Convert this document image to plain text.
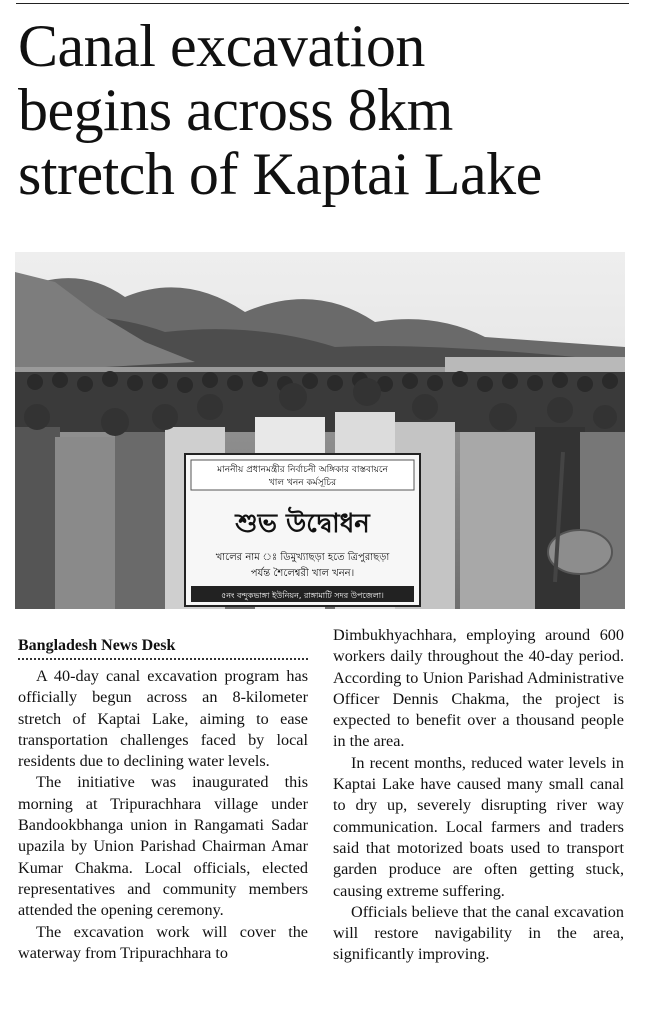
Canal excavation
begins across 8km
stretch of Kaptai Lake
মাননীয় প্রধানমন্ত্রীর নির্বাচনী অঙ্গিকার বাস্তবায়নে
খাল খনন কর্মসূচির
শুভ উদ্বোধন
খালের নাম ঃ ডিমুখ্যাছড়া হতে ত্রিপুরাছড়া
পর্যন্ত শৈলেশ্বরী খাল খনন।
৫নং বন্দুকভাঙ্গা ইউনিয়ন, রাঙ্গামাটি সদর উপজেলা।
Bangladesh News Desk

A 40-day canal excavation program has officially begun across an 8-kilometer stretch of Kaptai Lake, aiming to ease transportation challenges faced by local residents due to declining water levels.

The initiative was inaugurated this morning at Tripurachhara village under Bandookbhanga union in Rangamati Sadar upazila by Union Parishad Chairman Amar Kumar Chakma. Local officials, elected representatives and community members attended the opening ceremony.

The excavation work will cover the waterway from Tripurachhara to

Dimbukhyachhara, employing around 600 workers daily throughout the 40-day period. According to Union Parishad Administrative Officer Dennis Chakma, the project is expected to benefit over a thousand people in the area.

In recent months, reduced water levels in Kaptai Lake have caused many small canal to dry up, severely disrupting river way communication. Local farmers and traders said that motorized boats used to transport garden produce are often getting stuck, causing extreme suffering.

Officials believe that the canal excavation will restore navigability in the area, significantly improving.
